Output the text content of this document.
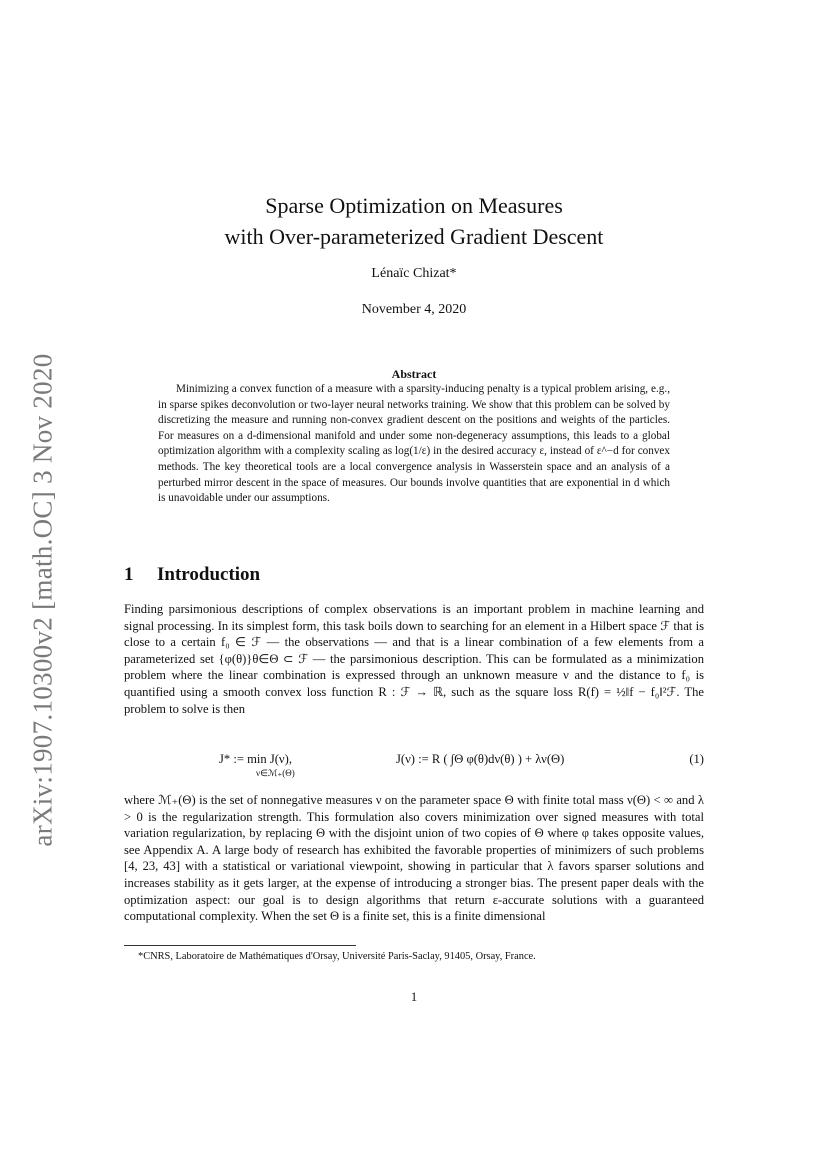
arXiv:1907.10300v2 [math.OC] 3 Nov 2020
Sparse Optimization on Measures
with Over-parameterized Gradient Descent
Lénaïc Chizat*
November 4, 2020
Abstract

Minimizing a convex function of a measure with a sparsity-inducing penalty is a typical problem arising, e.g., in sparse spikes deconvolution or two-layer neural networks training. We show that this problem can be solved by discretizing the measure and running non-convex gradient descent on the positions and weights of the particles. For measures on a d-dimensional manifold and under some non-degeneracy assumptions, this leads to a global optimization algorithm with a complexity scaling as log(1/ε) in the desired accuracy ε, instead of ε^−d for convex methods. The key theoretical tools are a local convergence analysis in Wasserstein space and an analysis of a perturbed mirror descent in the space of measures. Our bounds involve quantities that are exponential in d which is unavoidable under our assumptions.

1 Introduction

Finding parsimonious descriptions of complex observations is an important problem in machine learning and signal processing. In its simplest form, this task boils down to searching for an element in a Hilbert space ℱ that is close to a certain f₀ ∈ ℱ — the observations — and that is a linear combination of a few elements from a parameterized set {φ(θ)}θ∈Θ ⊂ ℱ — the parsimonious description. This can be formulated as a minimization problem where the linear combination is expressed through an unknown measure ν and the distance to f₀ is quantified using a smooth convex loss function R : ℱ → ℝ, such as the square loss R(f) = ½‖f − f₀‖²ℱ. The problem to solve is then

J* := min J(ν),
ν∈ℳ₊(Θ)
J(ν) := R ( ∫Θ φ(θ)dν(θ) ) + λν(Θ)	(1)

where ℳ₊(Θ) is the set of nonnegative measures ν on the parameter space Θ with finite total mass ν(Θ) < ∞ and λ > 0 is the regularization strength. This formulation also covers minimization over signed measures with total variation regularization, by replacing Θ with the disjoint union of two copies of Θ where φ takes opposite values, see Appendix A. A large body of research has exhibited the favorable properties of minimizers of such problems [4, 23, 43] with a statistical or variational viewpoint, showing in particular that λ favors sparser solutions and increases stability as it gets larger, at the expense of introducing a stronger bias. The present paper deals with the optimization aspect: our goal is to design algorithms that return ε-accurate solutions with a guaranteed computational complexity. When the set Θ is a finite set, this is a finite dimensional

*CNRS, Laboratoire de Mathématiques d'Orsay, Université Paris-Saclay, 91405, Orsay, France.
1
